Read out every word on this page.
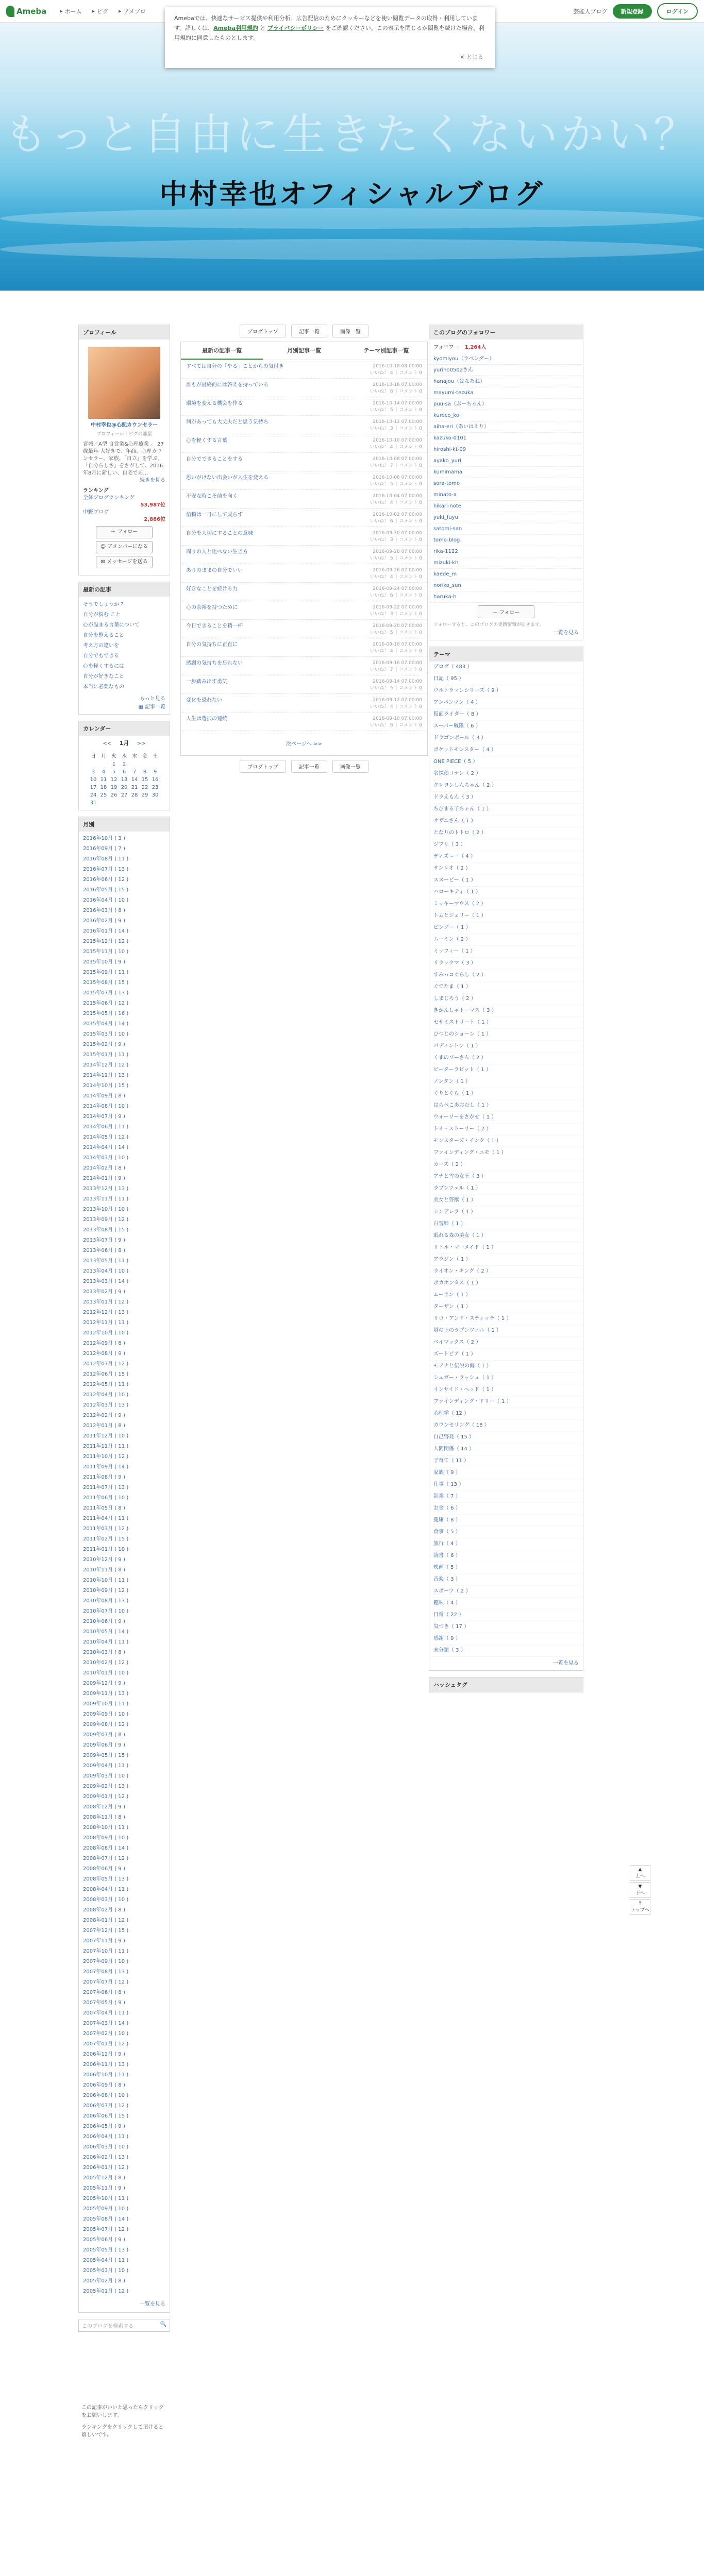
Ameba ▸ ホーム ▸ ピグ ▸ アメブロ	芸能人ブログ	新規登録	ログイン
Amebaでは、快適なサービス提供や利用分析、広告配信のためにクッキーなどを使い閲覧データの取得・利用しています。詳しくは、Ameba利用規約 と プライバシーポリシー をご確認ください。この表示を閉じるか閲覧を続けた場合、利用規約に同意したものとします。
× とじる
もっと自由に生きたくないかい？
中村幸也オフィシャルブログ
プロフィール
中村幸也@心配カウンセラー
プロフィール｜ピグの部屋
宮城／A型 自営業&心理療業 。 27歳最年 大好きで、年商、心理カウンセラー。家族、「自立」を学ぶ。「自分らしさ」をさがして、2016年8月に新しい、自宅であ…
続きを見る
ランキング
全体ブログランキング
53,987位
中野ブログ
2,886位
＋ フォロー
☺ アメンバーになる
✉ メッセージを送る
最新の記事
そうでしょうか ?
自分が悩む こと
心が温まる言葉について
自分を整えること
考え方の違いを
自分でもできる
心を軽くするには
自分が好きなこと
本当に必要なもの
もっと見る
▦ 記事一覧
カレンダー
<< 1月 >>
日	月	火	水	木	金	土
		1	2			
3	4	5	6	7	8	9
10	11	12	13	14	15	16
17	18	19	20	21	22	23
24	25	26	27	28	29	30
31						
月別
2016年10月 ( 3 )
2016年09月 ( 7 )
2016年08月 ( 11 )
2016年07月 ( 13 )
2016年06月 ( 12 )
2016年05月 ( 15 )
2016年04月 ( 10 )
2016年03月 ( 8 )
2016年02月 ( 9 )
2016年01月 ( 14 )
2015年12月 ( 12 )
2015年11月 ( 10 )
2015年10月 ( 9 )
2015年09月 ( 11 )
2015年08月 ( 15 )
2015年07月 ( 13 )
2015年06月 ( 12 )
2015年05月 ( 16 )
2015年04月 ( 14 )
2015年03月 ( 10 )
2015年02月 ( 9 )
2015年01月 ( 11 )
2014年12月 ( 12 )
2014年11月 ( 13 )
2014年10月 ( 15 )
2014年09月 ( 8 )
2014年08月 ( 10 )
2014年07月 ( 9 )
2014年06月 ( 11 )
2014年05月 ( 12 )
2014年04月 ( 14 )
2014年03月 ( 10 )
2014年02月 ( 8 )
2014年01月 ( 9 )
2013年12月 ( 13 )
2013年11月 ( 11 )
2013年10月 ( 10 )
2013年09月 ( 12 )
2013年08月 ( 15 )
2013年07月 ( 9 )
2013年06月 ( 8 )
2013年05月 ( 11 )
2013年04月 ( 10 )
2013年03月 ( 14 )
2013年02月 ( 9 )
2013年01月 ( 12 )
2012年12月 ( 13 )
2012年11月 ( 11 )
2012年10月 ( 10 )
2012年09月 ( 8 )
2012年08月 ( 9 )
2012年07月 ( 12 )
2012年06月 ( 15 )
2012年05月 ( 11 )
2012年04月 ( 10 )
2012年03月 ( 13 )
2012年02月 ( 9 )
2012年01月 ( 8 )
2011年12月 ( 10 )
2011年11月 ( 11 )
2011年10月 ( 12 )
2011年09月 ( 14 )
2011年08月 ( 9 )
2011年07月 ( 13 )
2011年06月 ( 10 )
2011年05月 ( 8 )
2011年04月 ( 11 )
2011年03月 ( 12 )
2011年02月 ( 15 )
2011年01月 ( 10 )
2010年12月 ( 9 )
2010年11月 ( 8 )
2010年10月 ( 11 )
2010年09月 ( 12 )
2010年08月 ( 13 )
2010年07月 ( 10 )
2010年06月 ( 9 )
2010年05月 ( 14 )
2010年04月 ( 11 )
2010年03月 ( 8 )
2010年02月 ( 12 )
2010年01月 ( 10 )
2009年12月 ( 9 )
2009年11月 ( 13 )
2009年10月 ( 11 )
2009年09月 ( 10 )
2009年08月 ( 12 )
2009年07月 ( 8 )
2009年06月 ( 9 )
2009年05月 ( 15 )
2009年04月 ( 11 )
2009年03月 ( 10 )
2009年02月 ( 13 )
2009年01月 ( 12 )
2008年12月 ( 9 )
2008年11月 ( 8 )
2008年10月 ( 11 )
2008年09月 ( 10 )
2008年08月 ( 14 )
2008年07月 ( 12 )
2008年06月 ( 9 )
2008年05月 ( 13 )
2008年04月 ( 11 )
2008年03月 ( 10 )
2008年02月 ( 8 )
2008年01月 ( 12 )
2007年12月 ( 15 )
2007年11月 ( 9 )
2007年10月 ( 11 )
2007年09月 ( 10 )
2007年08月 ( 13 )
2007年07月 ( 12 )
2007年06月 ( 8 )
2007年05月 ( 9 )
2007年04月 ( 11 )
2007年03月 ( 14 )
2007年02月 ( 10 )
2007年01月 ( 12 )
2006年12月 ( 9 )
2006年11月 ( 13 )
2006年10月 ( 11 )
2006年09月 ( 8 )
2006年08月 ( 10 )
2006年07月 ( 12 )
2006年06月 ( 15 )
2006年05月 ( 9 )
2006年04月 ( 11 )
2006年03月 ( 10 )
2006年02月 ( 13 )
2006年01月 ( 12 )
2005年12月 ( 8 )
2005年11月 ( 9 )
2005年10月 ( 11 )
2005年09月 ( 10 )
2005年08月 ( 14 )
2005年07月 ( 12 )
2005年06月 ( 9 )
2005年05月 ( 13 )
2005年04月 ( 11 )
2005年03月 ( 10 )
2005年02月 ( 8 )
2005年01月 ( 12 )
一覧を見る
このブログを検索する	🔍
この記事がいいと思ったらクリックをお願いします。
ランキングをクリックして頂けると嬉しいです。
ブログトップ	記事一覧	画像一覧
最新の記事一覧	月別記事一覧	テーマ別記事一覧
すべては自分の「やる」ことからの気付き	2016-10-18 08:00:00
いいね！ 4 ｜コメント 0
誰もが最終的には答えを持っている	2016-10-16 07:00:00
いいね！ 6 ｜コメント 0
環境を変える機会を作る	2016-10-14 07:00:00
いいね！ 5 ｜コメント 0
何があっても大丈夫だと思う気持ち	2016-10-12 07:00:00
いいね！ 3 ｜コメント 0
心を軽くする言葉	2016-10-10 07:00:00
いいね！ 4 ｜コメント 0
自分でできることをする	2016-10-08 07:00:00
いいね！ 7 ｜コメント 0
思いがけない出会いが人生を変える	2016-10-06 07:00:00
いいね！ 5 ｜コメント 0
不安な時こそ前を向く	2016-10-04 07:00:00
いいね！ 4 ｜コメント 0
信頼は一日にして成らず	2016-10-02 07:00:00
いいね！ 6 ｜コメント 0
自分を大切にすることの意味	2016-09-30 07:00:00
いいね！ 3 ｜コメント 0
周りの人と比べない生き方	2016-09-28 07:00:00
いいね！ 5 ｜コメント 0
ありのままの自分でいい	2016-09-26 07:00:00
いいね！ 4 ｜コメント 0
好きなことを続ける力	2016-09-24 07:00:00
いいね！ 6 ｜コメント 0
心の余裕を持つために	2016-09-22 07:00:00
いいね！ 3 ｜コメント 0
今日できることを精一杯	2016-09-20 07:00:00
いいね！ 5 ｜コメント 0
自分の気持ちに正直に	2016-09-18 07:00:00
いいね！ 4 ｜コメント 0
感謝の気持ちを忘れない	2016-09-16 07:00:00
いいね！ 7 ｜コメント 0
一歩踏み出す勇気	2016-09-14 07:00:00
いいね！ 5 ｜コメント 0
変化を恐れない	2016-09-12 07:00:00
いいね！ 4 ｜コメント 0
人生は選択の連続	2016-09-10 07:00:00
いいね！ 6 ｜コメント 0
次ページへ >>
ブログトップ	記事一覧	画像一覧
このブログのフォロワー
フォロワー 1,264人
kyomiyou（ラベンダー）
yuriho0502さん
hanajou（はなあね）
mayumi-tezuka
puu-sa（ぷーちゃん）
kuroco_ko
aiha-eri（あいはえり）
kazuko-0101
hiroshi-kt-09
ayako_yuri
kumimama
sora-tomo
minato-a
hikari-note
yuki_fuyu
satomi-san
tomo-blog
rika-1122
mizuki-kh
kaede_m
noriko_sun
haruka-h
＋ フォロー
フォローすると、このブログの更新情報が届きます。
一覧を見る
テーマ
ブログ（ 483 ）
日記（ 95 ）
ウルトラマンシリーズ（ 9 ）
アンパンマン（ 4 ）
仮面ライダー（ 8 ）
スーパー戦隊（ 6 ）
ドラゴンボール（ 3 ）
ポケットモンスター（ 4 ）
ONE PIECE（ 5 ）
名探偵コナン（ 2 ）
クレヨンしんちゃん（ 2 ）
ドラえもん（ 3 ）
ちびまる子ちゃん（ 1 ）
サザエさん（ 1 ）
となりのトトロ（ 2 ）
ジブリ（ 3 ）
ディズニー（ 4 ）
サンリオ（ 2 ）
スヌーピー（ 1 ）
ハローキティ（ 1 ）
ミッキーマウス（ 2 ）
トムとジェリー（ 1 ）
ピングー（ 1 ）
ムーミン（ 2 ）
ミッフィー（ 1 ）
リラックマ（ 3 ）
すみっコぐらし（ 2 ）
ぐでたま（ 1 ）
しまじろう（ 2 ）
きかんしゃトーマス（ 3 ）
セサミストリート（ 1 ）
ひつじのショーン（ 1 ）
パディントン（ 1 ）
くまのプーさん（ 2 ）
ピーターラビット（ 1 ）
ノンタン（ 1 ）
ぐりとぐら（ 1 ）
はらぺこあおむし（ 1 ）
ウォーリーをさがせ（ 1 ）
トイ・ストーリー（ 2 ）
モンスターズ・インク（ 1 ）
ファインディング・ニモ（ 1 ）
カーズ（ 2 ）
アナと雪の女王（ 3 ）
ラプンツェル（ 1 ）
美女と野獣（ 1 ）
シンデレラ（ 1 ）
白雪姫（ 1 ）
眠れる森の美女（ 1 ）
リトル・マーメイド（ 1 ）
アラジン（ 1 ）
ライオン・キング（ 2 ）
ポカホンタス（ 1 ）
ムーラン（ 1 ）
ターザン（ 1 ）
リロ・アンド・スティッチ（ 1 ）
塔の上のラプンツェル（ 1 ）
ベイマックス（ 2 ）
ズートピア（ 1 ）
モアナと伝説の海（ 1 ）
シュガー・ラッシュ（ 1 ）
インサイド・ヘッド（ 1 ）
ファインディング・ドリー（ 1 ）
心理学（ 12 ）
カウンセリング（ 18 ）
自己啓発（ 15 ）
人間関係（ 14 ）
子育て（ 11 ）
家族（ 9 ）
仕事（ 13 ）
起業（ 7 ）
お金（ 6 ）
健康（ 8 ）
食事（ 5 ）
旅行（ 4 ）
読書（ 6 ）
映画（ 5 ）
音楽（ 3 ）
スポーツ（ 2 ）
趣味（ 4 ）
日常（ 22 ）
気づき（ 17 ）
感謝（ 9 ）
未分類（ 3 ）
一覧を見る
ハッシュタグ
▲
上へ
▼
下へ
⤒
トップへ
